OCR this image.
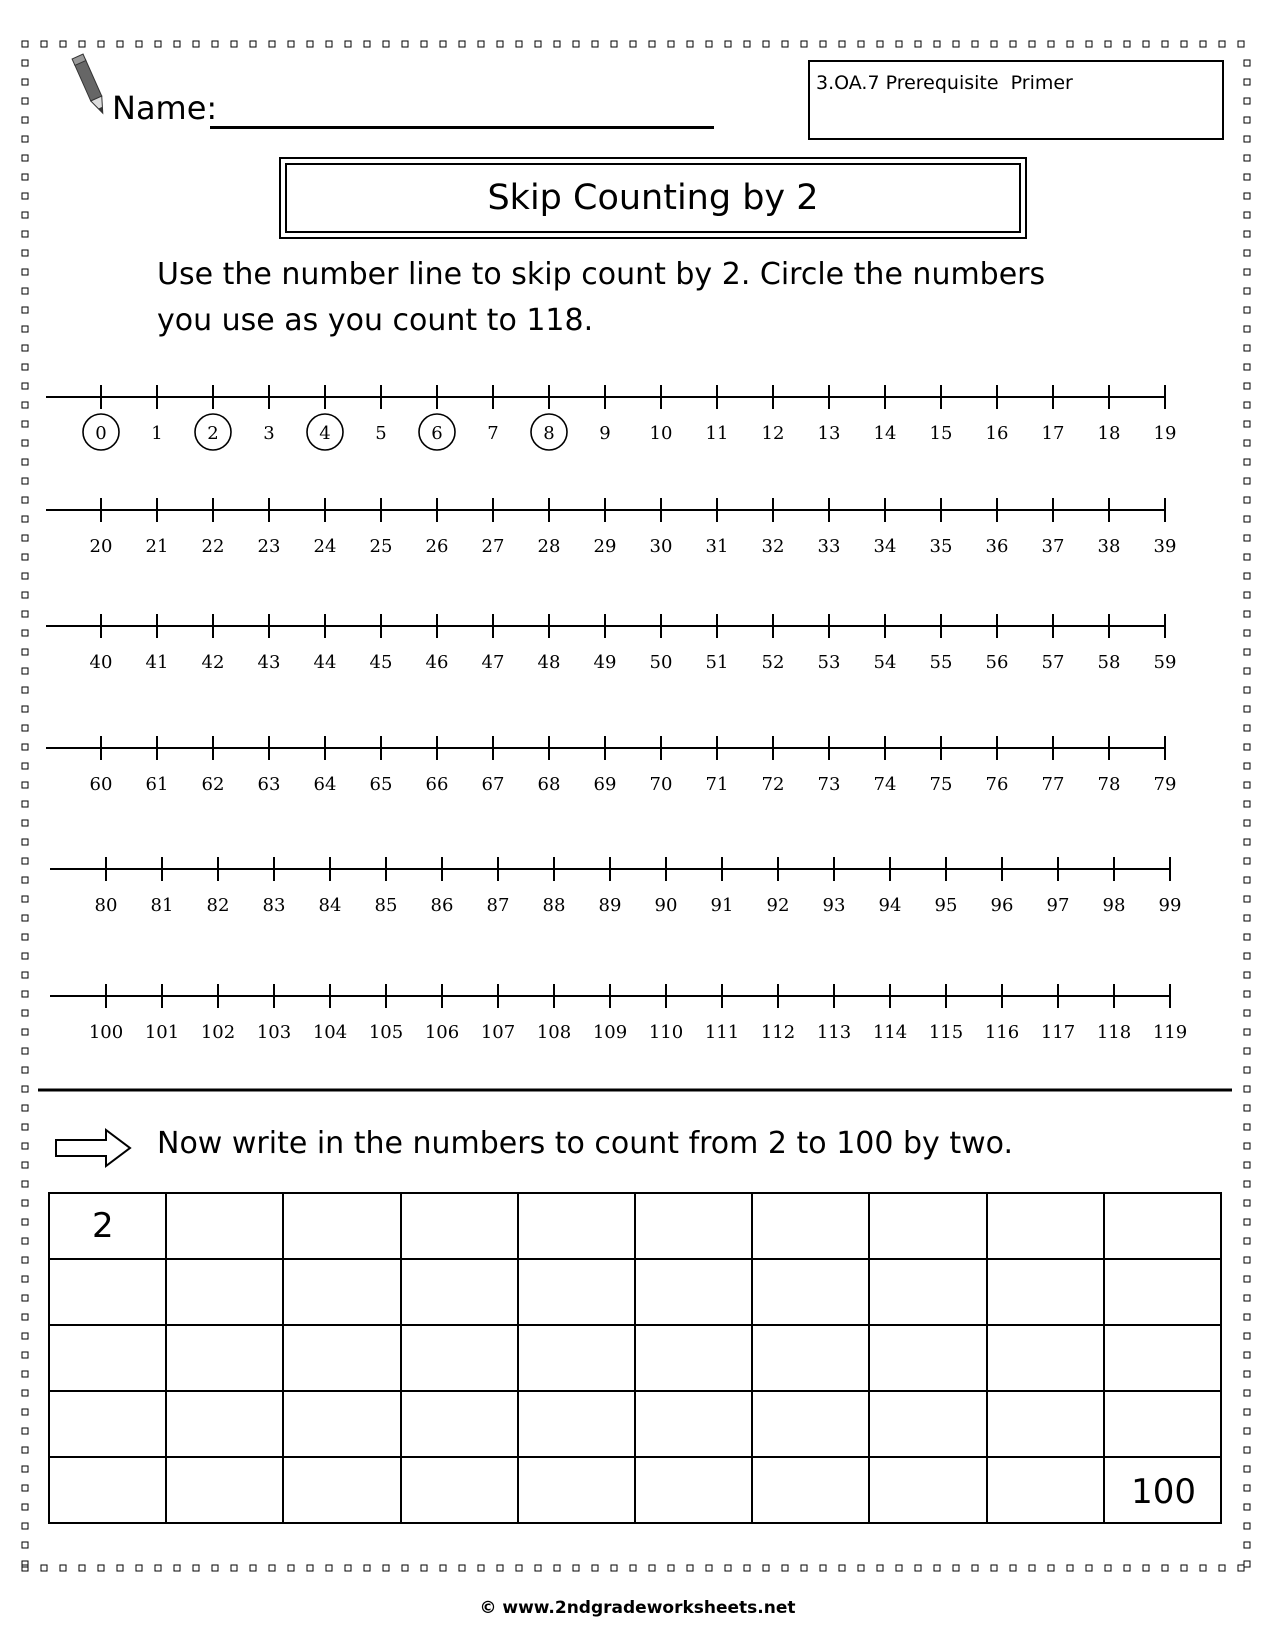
Name:
3.OA.7 Prerequisite  Primer
Skip Counting by 2
Use the number line to skip count by 2. Circle the numbers you use as you count to 118.
0 1 2 3 4 5 6 7 8 9 10 11 12 13 14 15 16 17 18 19
20 21 22 23 24 25 26 27 28 29 30 31 32 33 34 35 36 37 38 39
40 41 42 43 44 45 46 47 48 49 50 51 52 53 54 55 56 57 58 59
60 61 62 63 64 65 66 67 68 69 70 71 72 73 74 75 76 77 78 79
80 81 82 83 84 85 86 87 88 89 90 91 92 93 94 95 96 97 98 99
100 101 102 103 104 105 106 107 108 109 110 111 112 113 114 115 116 117 118 119
Now write in the numbers to count from 2 to 100 by two.
2
100
© www.2ndgradeworksheets.net
